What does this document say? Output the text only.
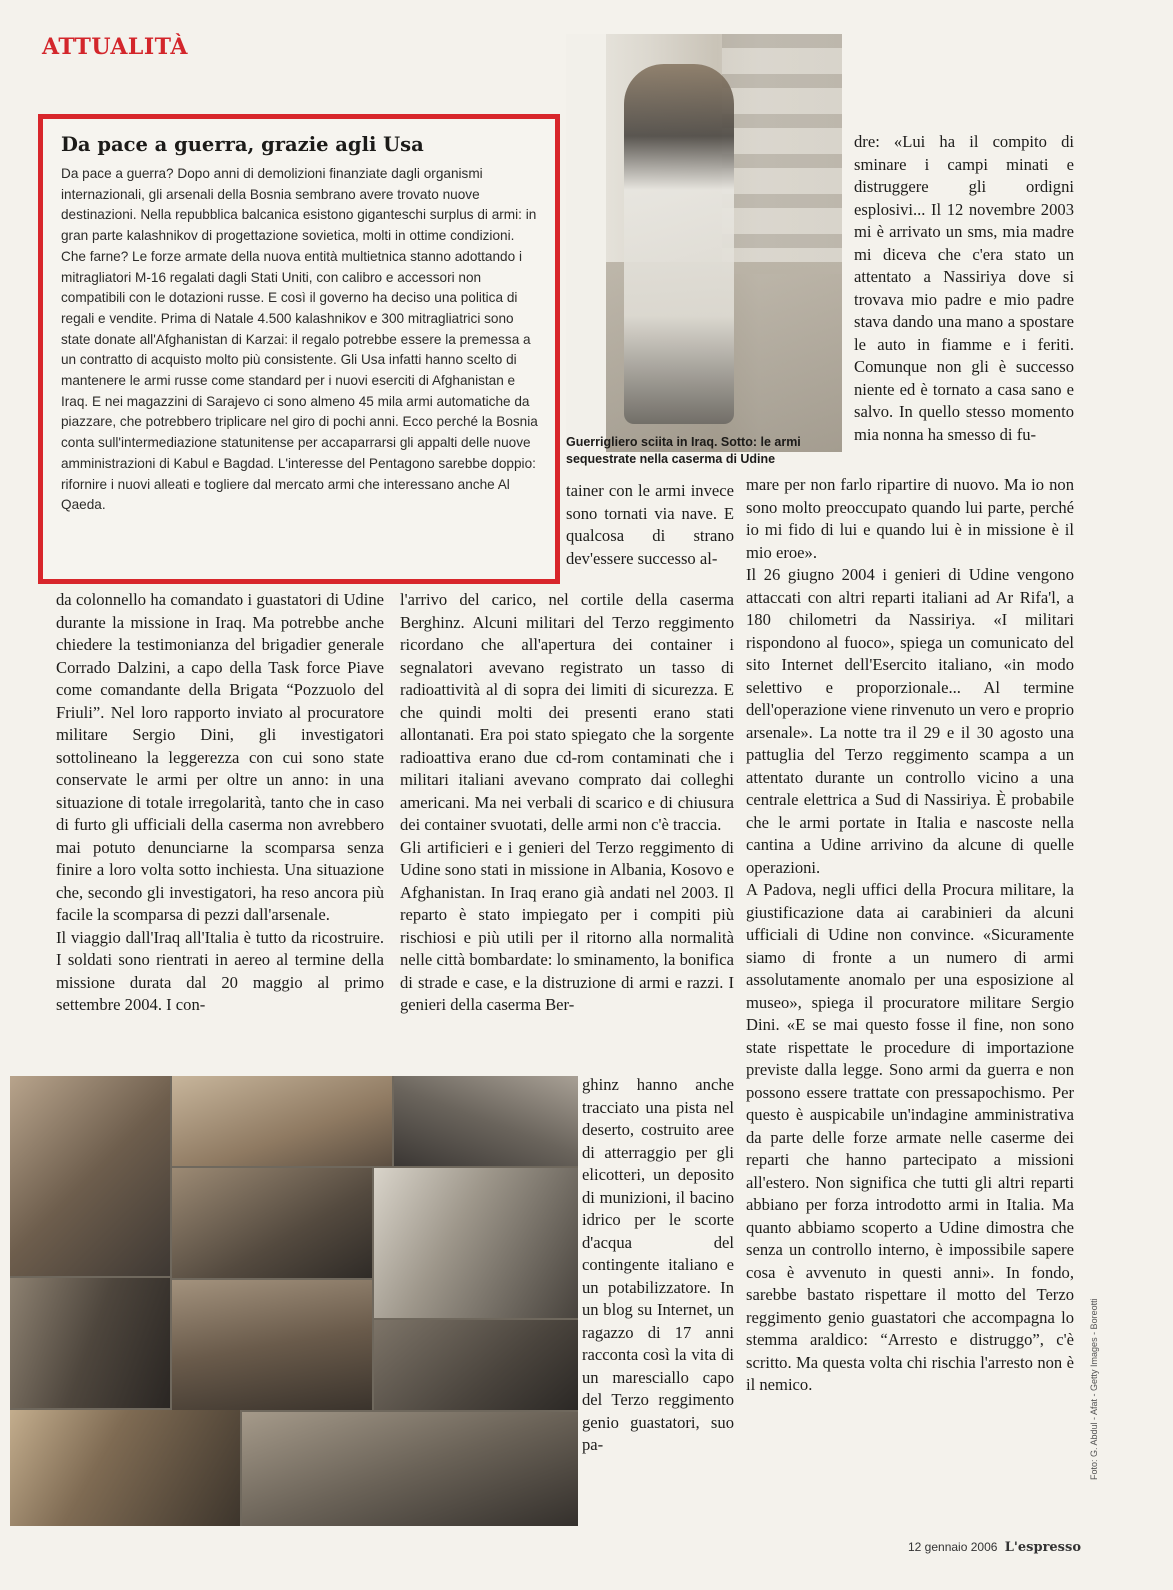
ATTUALITÀ
Da pace a guerra, grazie agli Usa

Da pace a guerra? Dopo anni di demolizioni finanziate dagli organismi internazionali, gli arsenali della Bosnia sembrano avere trovato nuove destinazioni. Nella repubblica balcanica esistono giganteschi surplus di armi: in gran parte kalashnikov di progettazione sovietica, molti in ottime condizioni. Che farne? Le forze armate della nuova entità multietnica stanno adottando i mitragliatori M-16 regalati dagli Stati Uniti, con calibro e accessori non compatibili con le dotazioni russe. E così il governo ha deciso una politica di regali e vendite. Prima di Natale 4.500 kalashnikov e 300 mitragliatrici sono state donate all'Afghanistan di Karzai: il regalo potrebbe essere la premessa a un contratto di acquisto molto più consistente. Gli Usa infatti hanno scelto di mantenere le armi russe come standard per i nuovi eserciti di Afghanistan e Iraq. E nei magazzini di Sarajevo ci sono almeno 45 mila armi automatiche da piazzare, che potrebbero triplicare nel giro di pochi anni. Ecco perché la Bosnia conta sull'intermediazione statunitense per accaparrarsi gli appalti delle nuove amministrazioni di Kabul e Bagdad. L'interesse del Pentagono sarebbe doppio: rifornire i nuovi alleati e togliere dal mercato armi che interessano anche Al Qaeda.

Guerrigliero sciita in Iraq. Sotto: le armi sequestrate nella caserma di Udine

dre: «Lui ha il compito di sminare i campi minati e distruggere gli ordigni esplosivi... Il 12 novembre 2003 mi è arrivato un sms, mia madre mi diceva che c'era stato un attentato a Nassiriya dove si trovava mio padre e mio padre stava dando una mano a spostare le auto in fiamme e i feriti. Comunque non gli è successo niente ed è tornato a casa sano e salvo. In quello stesso momento mia nonna ha smesso di fu-

tainer con le armi invece sono tornati via nave. E qualcosa di strano dev'essere successo al-

mare per non farlo ripartire di nuovo. Ma io non sono molto preoccupato quando lui parte, perché io mi fido di lui e quando lui è in missione è il mio eroe».

Il 26 giugno 2004 i genieri di Udine vengono attaccati con altri reparti italiani ad Ar Rifa'l, a 180 chilometri da Nassiriya. «I militari rispondono al fuoco», spiega un comunicato del sito Internet dell'Esercito italiano, «in modo selettivo e proporzionale... Al termine dell'operazione viene rinvenuto un vero e proprio arsenale». La notte tra il 29 e il 30 agosto una pattuglia del Terzo reggimento scampa a un attentato durante un controllo vicino a una centrale elettrica a Sud di Nassiriya. È probabile che le armi portate in Italia e nascoste nella cantina a Udine arrivino da alcune di quelle operazioni.

A Padova, negli uffici della Procura militare, la giustificazione data ai carabinieri da alcuni ufficiali di Udine non convince. «Sicuramente siamo di fronte a un numero di armi assolutamente anomalo per una esposizione al museo», spiega il procuratore militare Sergio Dini. «E se mai questo fosse il fine, non sono state rispettate le procedure di importazione previste dalla legge. Sono armi da guerra e non possono essere trattate con pressapochismo. Per questo è auspicabile un'indagine amministrativa da parte delle forze armate nelle caserme dei reparti che hanno partecipato a missioni all'estero. Non significa che tutti gli altri reparti abbiano per forza introdotto armi in Italia. Ma quanto abbiamo scoperto a Udine dimostra che senza un controllo interno, è impossibile sapere cosa è avvenuto in questi anni». In fondo, sarebbe bastato rispettare il motto del Terzo reggimento genio guastatori che accompagna lo stemma araldico: “Arresto e distruggo”, c'è scritto. Ma questa volta chi rischia l'arresto non è il nemico.

da colonnello ha comandato i guastatori di Udine durante la missione in Iraq. Ma potrebbe anche chiedere la testimonianza del brigadier generale Corrado Dalzini, a capo della Task force Piave come comandante della Brigata “Pozzuolo del Friuli”. Nel loro rapporto inviato al procuratore militare Sergio Dini, gli investigatori sottolineano la leggerezza con cui sono state conservate le armi per oltre un anno: in una situazione di totale irregolarità, tanto che in caso di furto gli ufficiali della caserma non avrebbero mai potuto denunciarne la scomparsa senza finire a loro volta sotto inchiesta. Una situazione che, secondo gli investigatori, ha reso ancora più facile la scomparsa di pezzi dall'arsenale.

Il viaggio dall'Iraq all'Italia è tutto da ricostruire. I soldati sono rientrati in aereo al termine della missione durata dal 20 maggio al primo settembre 2004. I con-

l'arrivo del carico, nel cortile della caserma Berghinz. Alcuni militari del Terzo reggimento ricordano che all'apertura dei container i segnalatori avevano registrato un tasso di radioattività al di sopra dei limiti di sicurezza. E che quindi molti dei presenti erano stati allontanati. Era poi stato spiegato che la sorgente radioattiva erano due cd-rom contaminati che i militari italiani avevano comprato dai colleghi americani. Ma nei verbali di scarico e di chiusura dei container svuotati, delle armi non c'è traccia.

Gli artificieri e i genieri del Terzo reggimento di Udine sono stati in missione in Albania, Kosovo e Afghanistan. In Iraq erano già andati nel 2003. Il reparto è stato impiegato per i compiti più rischiosi e più utili per il ritorno alla normalità nelle città bombardate: lo sminamento, la bonifica di strade e case, e la distruzione di armi e razzi. I genieri della caserma Ber-

ghinz hanno anche tracciato una pista nel deserto, costruito aree di atterraggio per gli elicotteri, un deposito di munizioni, il bacino idrico per le scorte d'acqua del contingente italiano e un potabilizzatore. In un blog su Internet, un ragazzo di 17 anni racconta così la vita di un maresciallo capo del Terzo reggimento genio guastatori, suo pa-	Foto: G. Abdul - Afat - Getty Images - Boreotti
12 gennaio 2006 L'espresso
